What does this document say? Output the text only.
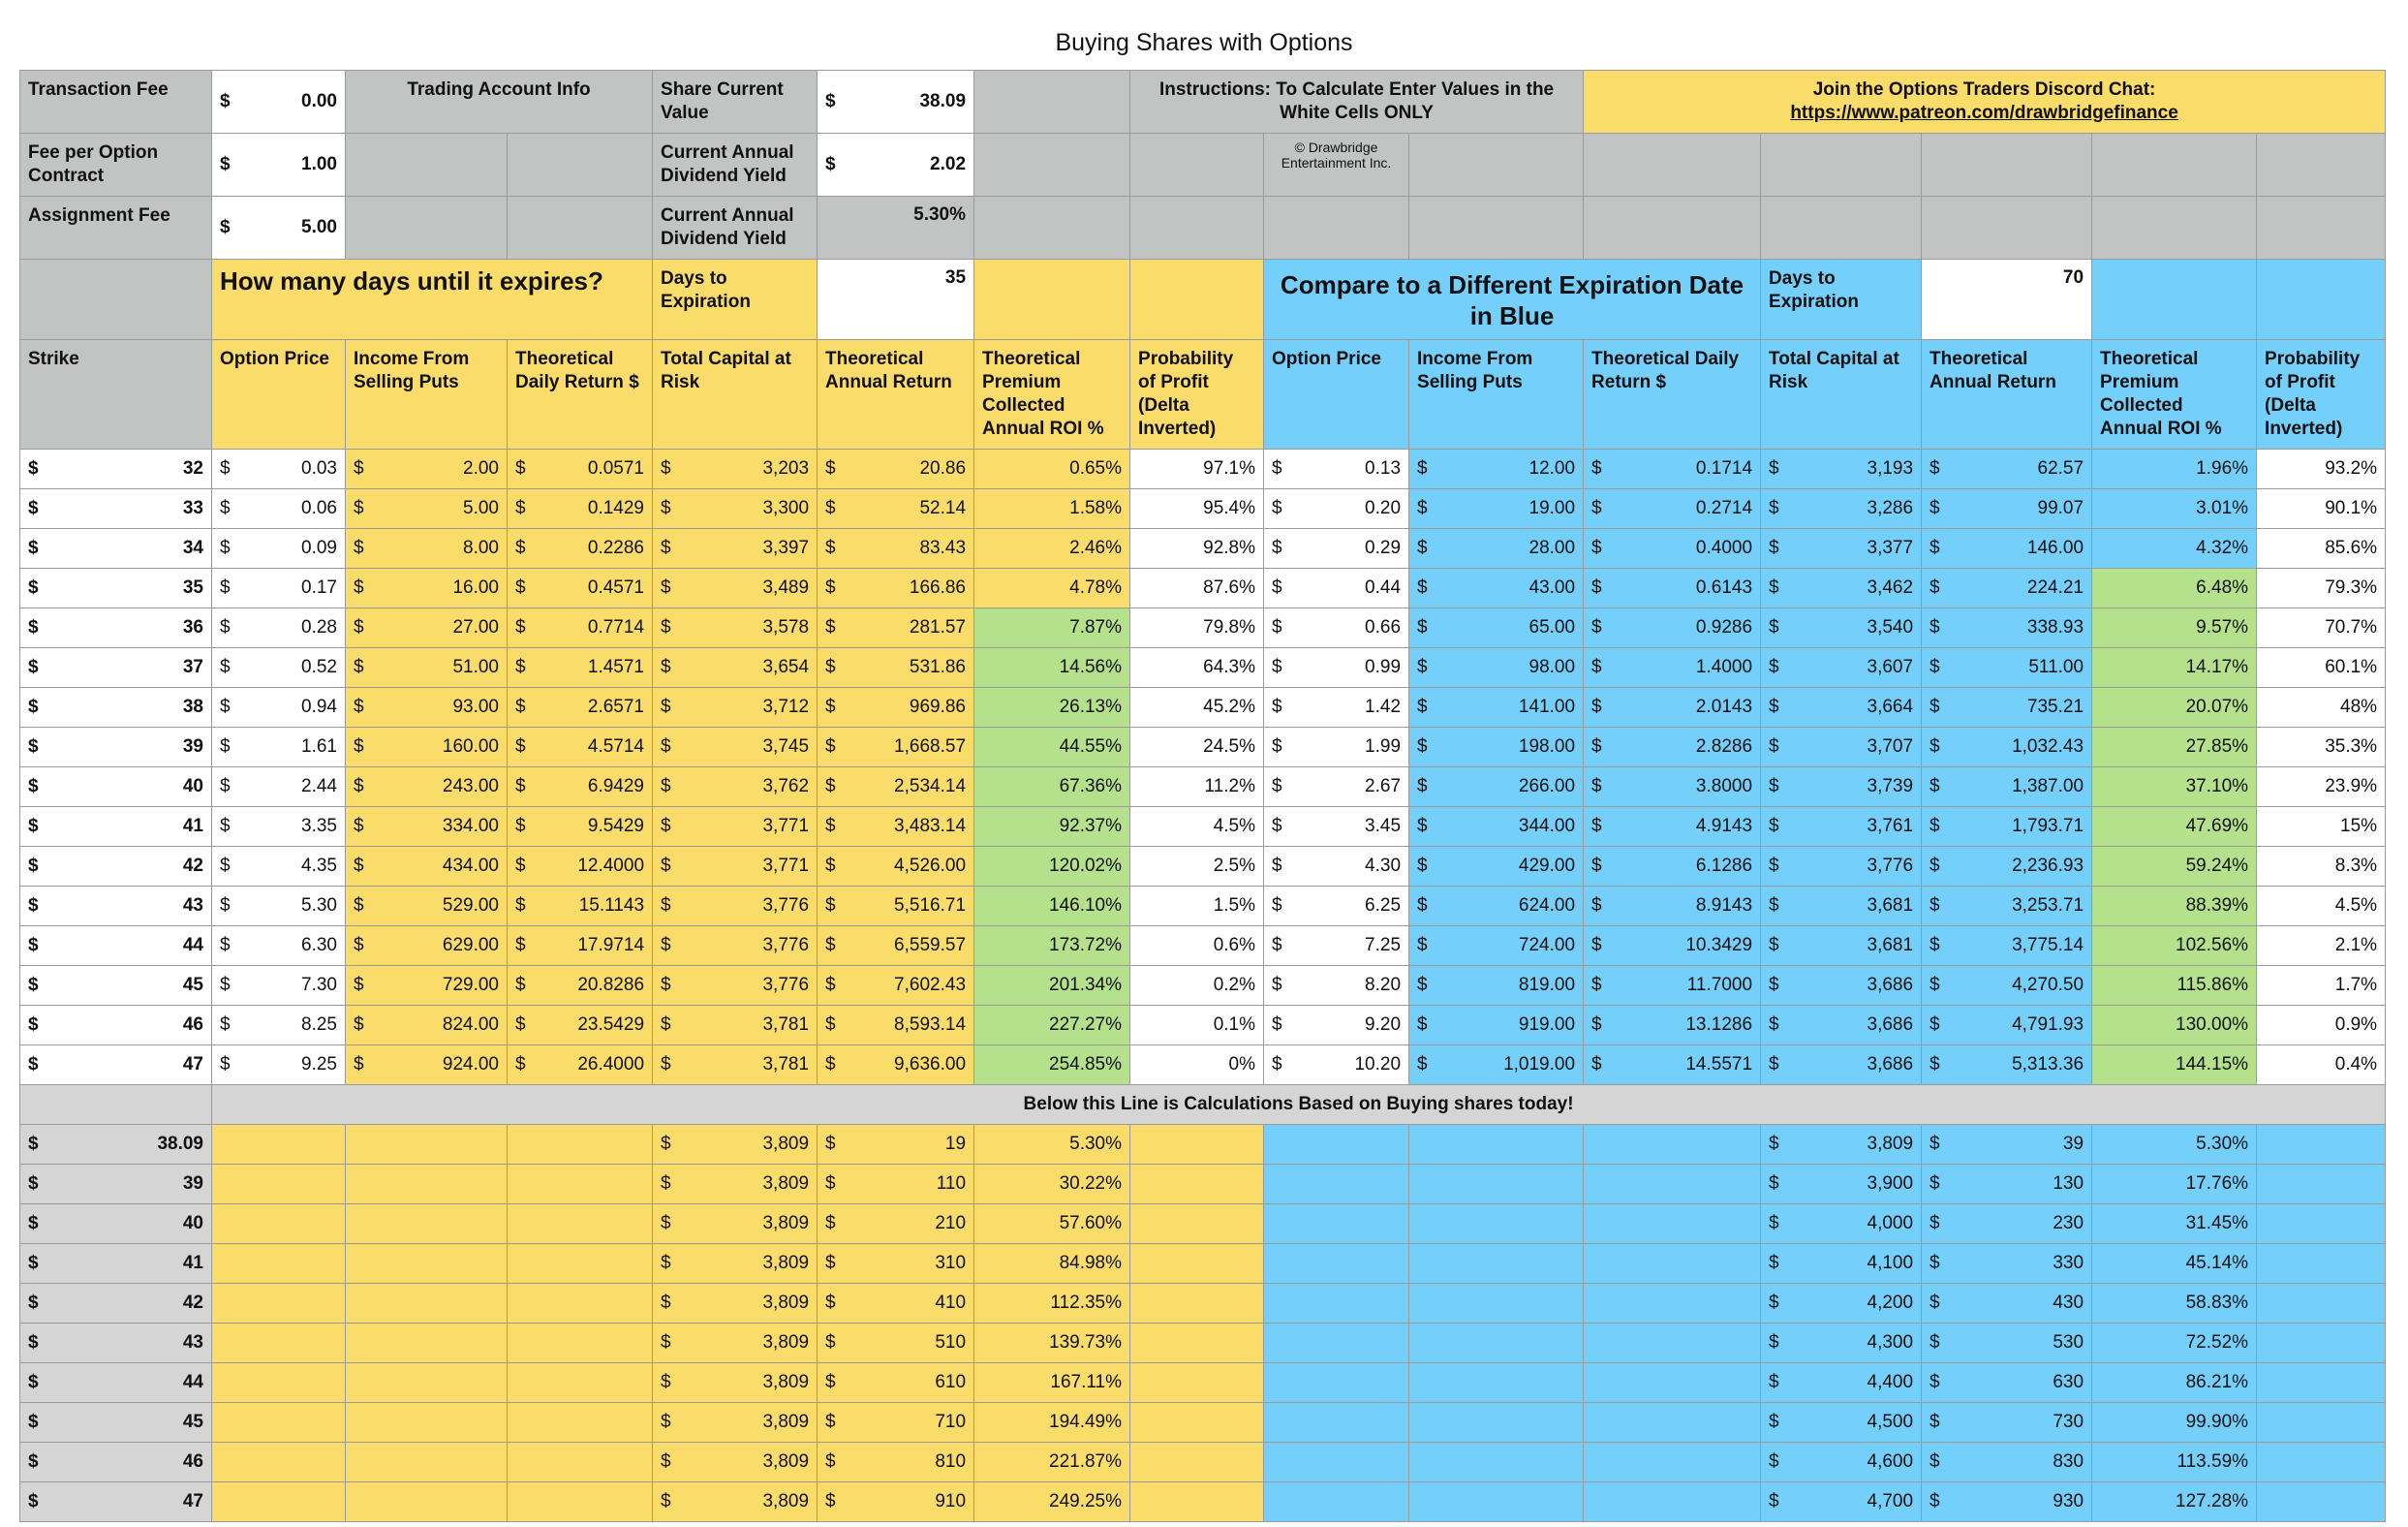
Buying Shares with Options
Transaction Fee	$ 0.00	Trading Account Info		Share Current Value	$ 38.09		Instructions: To Calculate Enter Values in the White Cells ONLY			Join the Options Traders Discord Chat:
https://www.patreon.com/drawbridgefinance				
Fee per Option Contract	$ 1.00			Current Annual Dividend Yield	$ 2.02			© Drawbridge Entertainment Inc.						
Assignment Fee	$ 5.00			Current Annual Dividend Yield	5.30%									
	How many days until it expires?			Days to Expiration	35			Compare to a Different Expiration Date in Blue			Days to Expiration	70		
Strike	Option Price	Income From Selling Puts	Theoretical Daily Return $	Total Capital at Risk	Theoretical Annual Return	Theoretical Premium Collected Annual ROI %	Probability of Profit (Delta Inverted)	Option Price	Income From Selling Puts	Theoretical Daily Return $	Total Capital at Risk	Theoretical Annual Return	Theoretical Premium Collected Annual ROI %	Probability of Profit (Delta Inverted)

$ 32	$ 0.03	$ 2.00	$ 0.0571	$ 3,203	$ 20.86	0.65%	97.1%	$ 0.13	$ 12.00	$ 0.1714	$ 3,193	$ 62.57	1.96%	93.2%

$ 33	$ 0.06	$ 5.00	$ 0.1429	$ 3,300	$ 52.14	1.58%	95.4%	$ 0.20	$ 19.00	$ 0.2714	$ 3,286	$ 99.07	3.01%	90.1%

$ 34	$ 0.09	$ 8.00	$ 0.2286	$ 3,397	$ 83.43	2.46%	92.8%	$ 0.29	$ 28.00	$ 0.4000	$ 3,377	$ 146.00	4.32%	85.6%

$ 35	$ 0.17	$ 16.00	$ 0.4571	$ 3,489	$ 166.86	4.78%	87.6%	$ 0.44	$ 43.00	$ 0.6143	$ 3,462	$ 224.21	6.48%	79.3%

$ 36	$ 0.28	$ 27.00	$ 0.7714	$ 3,578	$ 281.57	7.87%	79.8%	$ 0.66	$ 65.00	$ 0.9286	$ 3,540	$ 338.93	9.57%	70.7%

$ 37	$ 0.52	$ 51.00	$ 1.4571	$ 3,654	$ 531.86	14.56%	64.3%	$ 0.99	$ 98.00	$ 1.4000	$ 3,607	$ 511.00	14.17%	60.1%

$ 38	$ 0.94	$ 93.00	$ 2.6571	$ 3,712	$ 969.86	26.13%	45.2%	$ 1.42	$ 141.00	$ 2.0143	$ 3,664	$ 735.21	20.07%	48%

$ 39	$ 1.61	$ 160.00	$ 4.5714	$ 3,745	$ 1,668.57	44.55%	24.5%	$ 1.99	$ 198.00	$ 2.8286	$ 3,707	$ 1,032.43	27.85%	35.3%

$ 40	$ 2.44	$ 243.00	$ 6.9429	$ 3,762	$ 2,534.14	67.36%	11.2%	$ 2.67	$ 266.00	$ 3.8000	$ 3,739	$ 1,387.00	37.10%	23.9%

$ 41	$ 3.35	$ 334.00	$ 9.5429	$ 3,771	$ 3,483.14	92.37%	4.5%	$ 3.45	$ 344.00	$ 4.9143	$ 3,761	$ 1,793.71	47.69%	15%

$ 42	$ 4.35	$ 434.00	$ 12.4000	$ 3,771	$ 4,526.00	120.02%	2.5%	$ 4.30	$ 429.00	$ 6.1286	$ 3,776	$ 2,236.93	59.24%	8.3%

$ 43	$ 5.30	$ 529.00	$ 15.1143	$ 3,776	$ 5,516.71	146.10%	1.5%	$ 6.25	$ 624.00	$ 8.9143	$ 3,681	$ 3,253.71	88.39%	4.5%

$ 44	$ 6.30	$ 629.00	$ 17.9714	$ 3,776	$ 6,559.57	173.72%	0.6%	$ 7.25	$ 724.00	$ 10.3429	$ 3,681	$ 3,775.14	102.56%	2.1%

$ 45	$ 7.30	$ 729.00	$ 20.8286	$ 3,776	$ 7,602.43	201.34%	0.2%	$ 8.20	$ 819.00	$ 11.7000	$ 3,686	$ 4,270.50	115.86%	1.7%

$ 46	$ 8.25	$ 824.00	$ 23.5429	$ 3,781	$ 8,593.14	227.27%	0.1%	$ 9.20	$ 919.00	$ 13.1286	$ 3,686	$ 4,791.93	130.00%	0.9%

$ 47	$ 9.25	$ 924.00	$ 26.4000	$ 3,781	$ 9,636.00	254.85%	0%	$ 10.20	$ 1,019.00	$ 14.5571	$ 3,686	$ 5,313.36	144.15%	0.4%
	Below this Line is Calculations Based on Buying shares today!													

$ 38.09				$ 3,809	$ 19	5.30%					$ 3,809	$ 39	5.30%	

$ 39				$ 3,809	$ 110	30.22%					$ 3,900	$ 130	17.76%	

$ 40				$ 3,809	$ 210	57.60%					$ 4,000	$ 230	31.45%	

$ 41				$ 3,809	$ 310	84.98%					$ 4,100	$ 330	45.14%	

$ 42				$ 3,809	$ 410	112.35%					$ 4,200	$ 430	58.83%	

$ 43				$ 3,809	$ 510	139.73%					$ 4,300	$ 530	72.52%	

$ 44				$ 3,809	$ 610	167.11%					$ 4,400	$ 630	86.21%	

$ 45				$ 3,809	$ 710	194.49%					$ 4,500	$ 730	99.90%	

$ 46				$ 3,809	$ 810	221.87%					$ 4,600	$ 830	113.59%	

$ 47				$ 3,809	$ 910	249.25%					$ 4,700	$ 930	127.28%	
